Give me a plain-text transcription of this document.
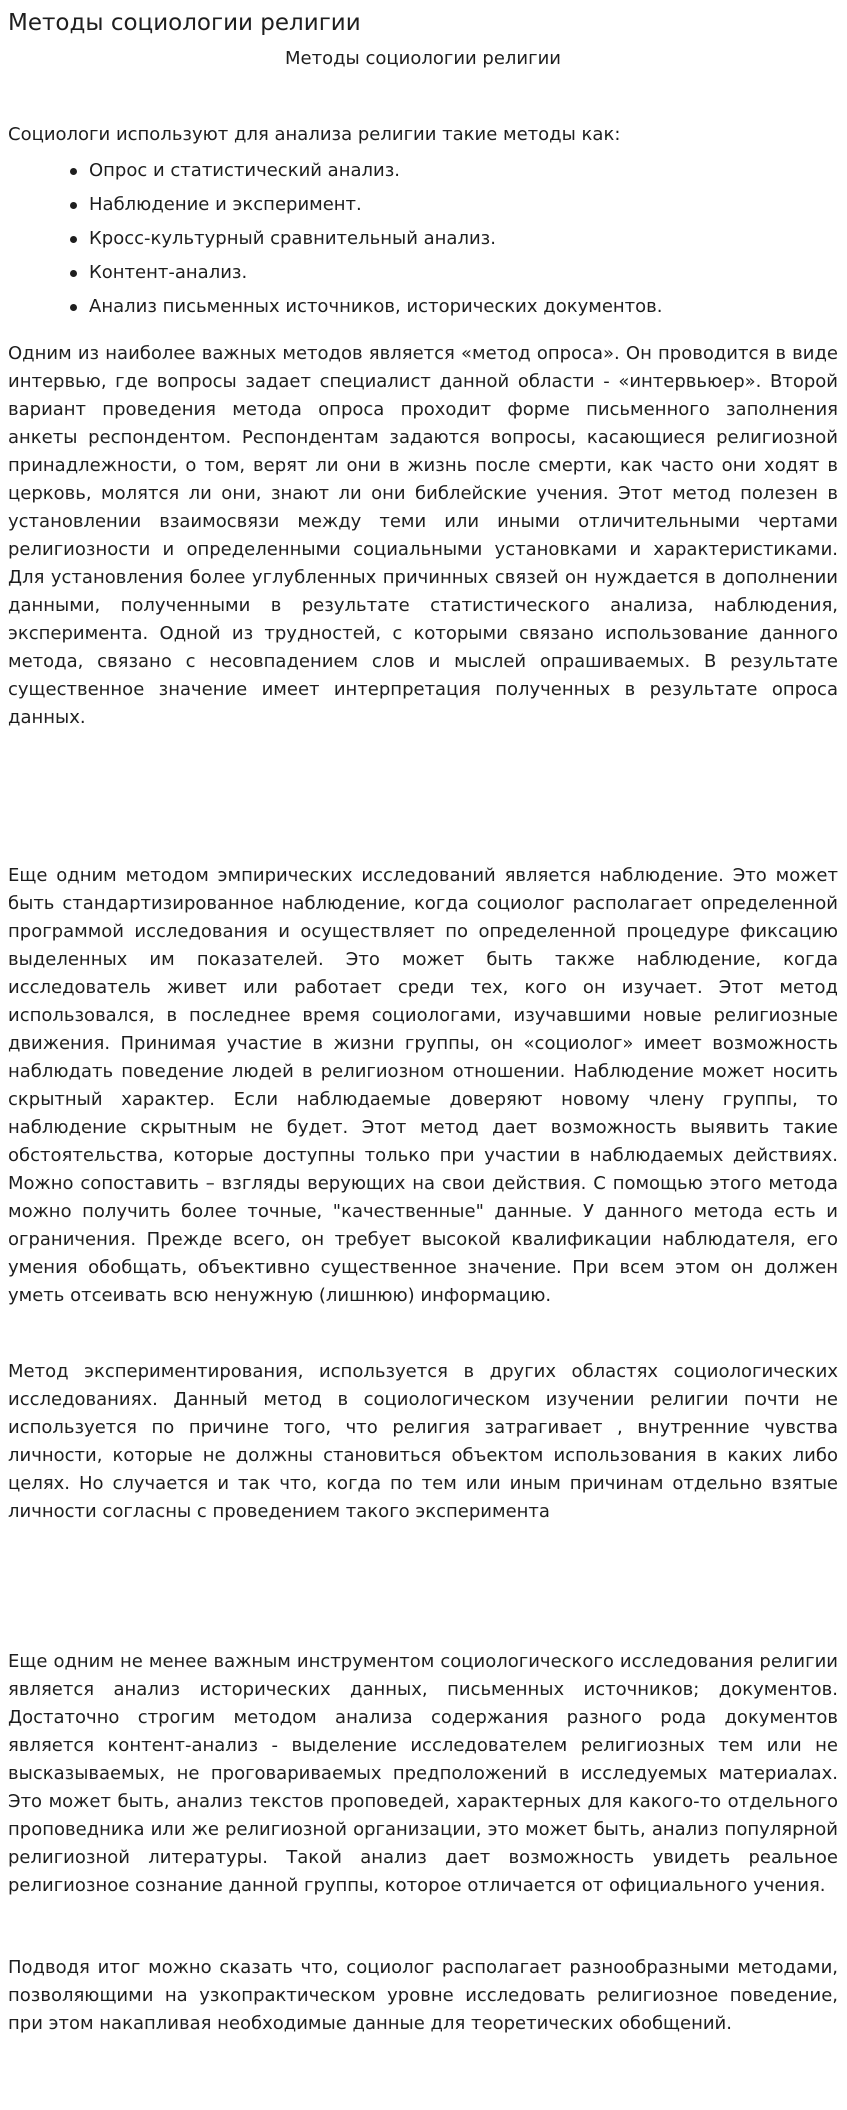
Методы социологии религии
Методы социологии религии
Социологи используют для анализа религии такие методы как:
Опрос и статистический анализ.
Наблюдение и эксперимент.
Кросс-культурный сравнительный анализ.
Контент-анализ.
Анализ письменных источников, исторических документов.

Одним из наиболее важных методов является «метод опроса». Он проводится в виде интервью, где вопросы задает специалист данной области - «интервьюер». Второй вариант проведения метода опроса проходит форме письменного заполнения анкеты респондентом. Респондентам задаются вопросы, касающиеся религиозной принадлежности, о том, верят ли они в жизнь после смерти, как часто они ходят в церковь, молятся ли они, знают ли они библейские учения. Этот метод полезен в установлении взаимосвязи между теми или иными отличительными чертами религиозности и определенными социальными установками и характеристиками. Для установления более углубленных причинных связей он нуждается в дополнении данными, полученными в результате статистического анализа, наблюдения, эксперимента. Одной из трудностей, с которыми связано использование данного метода, связано с несовпадением слов и мыслей опрашиваемых. В результате существенное значение имеет интерпретация полученных в результате опроса данных.

Еще одним методом эмпирических исследований является наблюдение. Это может быть стандартизированное наблюдение, когда социолог располагает определенной программой исследования и осуществляет по определенной процедуре фиксацию выделенных им показателей. Это может быть также наблюдение, когда исследователь живет или работает среди тех, кого он изучает. Этот метод использовался, в последнее время социологами, изучавшими новые религиозные движения. Принимая участие в жизни группы, он «социолог» имеет возможность наблюдать поведение людей в религиозном отношении. Наблюдение может носить скрытный характер. Если наблюдаемые доверяют новому члену группы, то наблюдение скрытным не будет. Этот метод дает возможность выявить такие обстоятельства, которые доступны только при участии в наблюдаемых действиях. Можно сопоставить – взгляды верующих на свои действия. С помощью этого метода можно получить более точные, "качественные" данные. У данного метода есть и ограничения. Прежде всего, он требует высокой квалификации наблюдателя, его умения обобщать, объективно существенное значение. При всем этом он должен уметь отсеивать всю ненужную (лишнюю) информацию.

Метод экспериментирования, используется в других областях социологических исследованиях. Данный метод в социологическом изучении религии почти не используется по причине того, что религия затрагивает , внутренние чувства личности, которые не должны становиться объектом использования в каких либо целях. Но случается и так что, когда по тем или иным причинам отдельно взятые личности согласны с проведением такого эксперимента

Еще одним не менее важным инструментом социологического исследования религии является анализ исторических данных, письменных источников; документов. Достаточно строгим методом анализа содержания разного рода документов является контент-анализ - выделение исследователем религиозных тем или не высказываемых, не проговариваемых предположений в исследуемых материалах. Это может быть, анализ текстов проповедей, характерных для какого-то отдельного проповедника или же религиозной организации, это может быть, анализ популярной религиозной литературы. Такой анализ дает возможность увидеть реальное религиозное сознание данной группы, которое отличается от официального учения.

Подводя итог можно сказать что, социолог располагает разнообразными методами, позволяющими на узкопрактическом уровне исследовать религиозное поведение, при этом накапливая необходимые данные для теоретических обобщений.
